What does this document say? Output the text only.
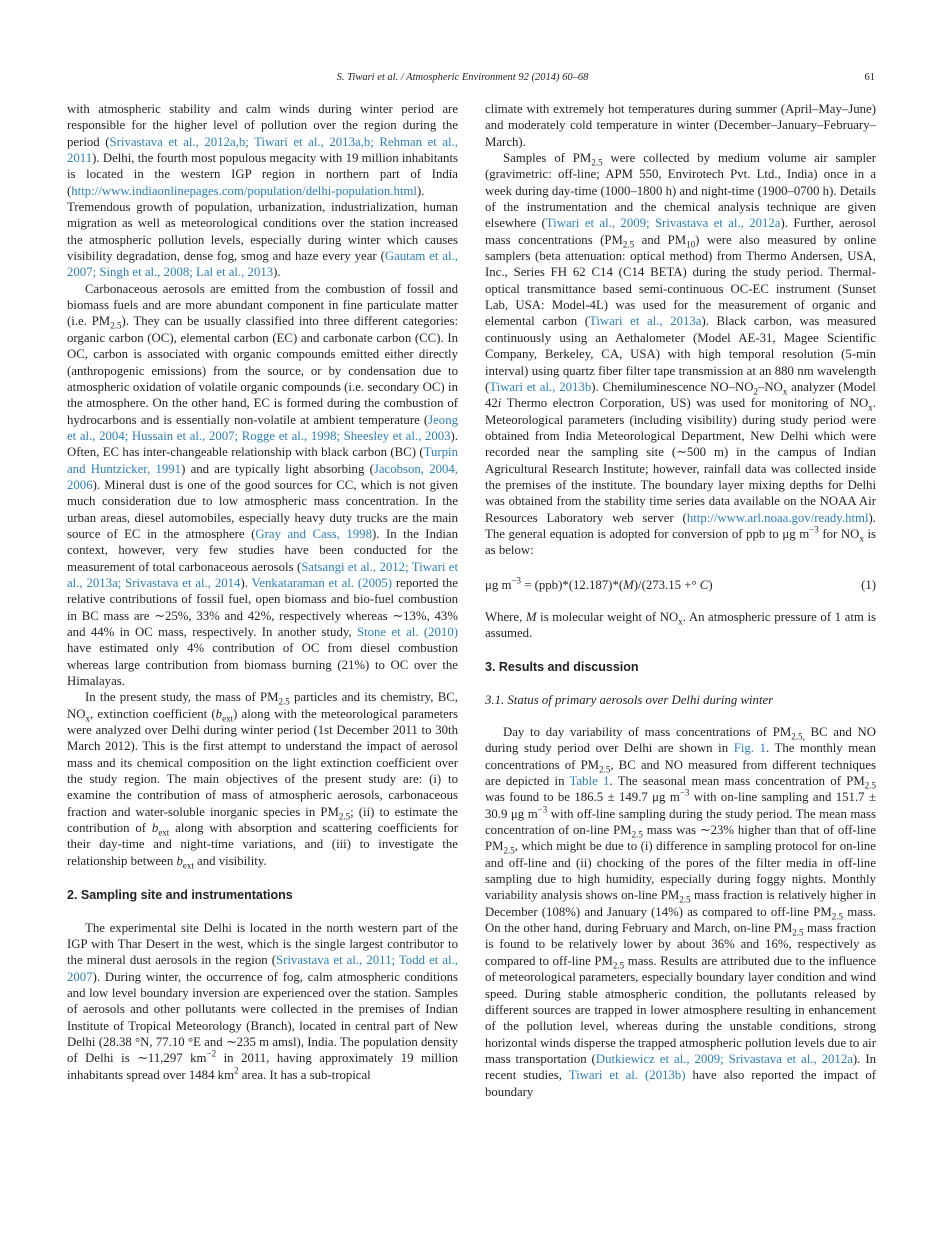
S. Tiwari et al. / Atmospheric Environment 92 (2014) 60–68	61

with atmospheric stability and calm winds during winter period are responsible for the higher level of pollution over the region during the period (Srivastava et al., 2012a,b; Tiwari et al., 2013a,b; Rehman et al., 2011). Delhi, the fourth most populous megacity with 19 million inhabitants is located in the western IGP region in northern part of India (http://www.indiaonlinepages.com/population/delhi-population.html). Tremendous growth of population, urbanization, industrialization, human migration as well as meteorological conditions over the station increased the atmospheric pollution levels, especially during winter which causes visibility degradation, dense fog, smog and haze every year (Gautam et al., 2007; Singh et al., 2008; Lal et al., 2013).

Carbonaceous aerosols are emitted from the combustion of fossil and biomass fuels and are more abundant component in fine particulate matter (i.e. $PM_{2.5}$). They can be usually classified into three different categories: organic carbon (OC), elemental carbon (EC) and carbonate carbon (CC). In OC, carbon is associated with organic compounds emitted either directly (anthropogenic emissions) from the source, or by condensation due to atmospheric oxidation of volatile organic compounds (i.e. secondary OC) in the atmosphere. On the other hand, EC is formed during the combustion of hydrocarbons and is essentially non-volatile at ambient temperature (Jeong et al., 2004; Hussain et al., 2007; Rogge et al., 1998; Sheesley et al., 2003). Often, EC has inter-changeable relationship with black carbon (BC) (Turpin and Huntzicker, 1991) and are typically light absorbing (Jacobson, 2004, 2006). Mineral dust is one of the good sources for CC, which is not given much consideration due to low atmospheric mass concentration. In the urban areas, diesel automobiles, especially heavy duty trucks are the main source of EC in the atmosphere (Gray and Cass, 1998). In the Indian context, however, very few studies have been conducted for the measurement of total carbonaceous aerosols (Satsangi et al., 2012; Tiwari et al., 2013a; Srivastava et al., 2014). Venkataraman et al. (2005) reported the relative contributions of fossil fuel, open biomass and bio-fuel combustion in BC mass are ∼25%, 33% and 42%, respectively whereas ∼13%, 43% and 44% in OC mass, respectively. In another study, Stone et al. (2010) have estimated only 4% contribution of OC from diesel combustion whereas large contribution from biomass burning (21%) to OC over the Himalayas.

In the present study, the mass of $PM_{2.5}$ particles and its chemistry, BC, $NO_x$, extinction coefficient $(b_{ext})$ along with the meteorological parameters were analyzed over Delhi during winter period (1st December 2011 to 30th March 2012). This is the first attempt to understand the impact of aerosol mass and its chemical composition on the light extinction coefficient over the study region. The main objectives of the present study are: (i) to examine the contribution of mass of atmospheric aerosols, carbonaceous fraction and water-soluble inorganic species in $PM_{2.5}$; (ii) to estimate the contribution of $b_{ext}$ along with absorption and scattering coefficients for their day-time and night-time variations, and (iii) to investigate the relationship between $b_{ext}$ and visibility.

2. Sampling site and instrumentations

The experimental site Delhi is located in the north western part of the IGP with Thar Desert in the west, which is the single largest contributor to the mineral dust aerosols in the region (Srivastava et al., 2011; Todd et al., 2007). During winter, the occurrence of fog, calm atmospheric conditions and low level boundary inversion are experienced over the station. Samples of aerosols and other pollutants were collected in the premises of Indian Institute of Tropical Meteorology (Branch), located in central part of New Delhi (28.38 °N, 77.10 °E and ∼235 m amsl), India. The population density of Delhi is ∼11,297 $km^{-2}$ in 2011, having approximately 19 million inhabitants spread over 1484 $km^2$ area. It has a sub-tropical

climate with extremely hot temperatures during summer (April–May–June) and moderately cold temperature in winter (December–January–February–March).

Samples of $PM_{2.5}$ were collected by medium volume air sampler (gravimetric: off-line; APM 550, Envirotech Pvt. Ltd., India) once in a week during day-time (1000–1800 h) and night-time (1900–0700 h). Details of the instrumentation and the chemical analysis technique are given elsewhere (Tiwari et al., 2009; Srivastava et al., 2012a). Further, aerosol mass concentrations ($PM_{2.5}$ and $PM_{10}$) were also measured by online samplers (beta attenuation: optical method) from Thermo Andersen, USA, Inc., Series FH 62 C14 (C14 BETA) during the study period. Thermal-optical transmittance based semi-continuous OC-EC instrument (Sunset Lab, USA: Model-4L) was used for the measurement of organic and elemental carbon (Tiwari et al., 2013a). Black carbon, was measured continuously using an Aethalometer (Model AE-31, Magee Scientific Company, Berkeley, CA, USA) with high temporal resolution (5-min interval) using quartz fiber filter tape transmission at an 880 nm wavelength (Tiwari et al., 2013b). Chemiluminescence $NO-NO_2-NO_x$ analyzer (Model 42i Thermo electron Corporation, US) was used for monitoring of $NO_x$. Meteorological parameters (including visibility) during study period were obtained from India Meteorological Department, New Delhi which were recorded near the sampling site (∼500 m) in the campus of Indian Agricultural Research Institute; however, rainfall data was collected inside the premises of the institute. The boundary layer mixing depths for Delhi was obtained from the stability time series data available on the NOAA Air Resources Laboratory web server (http://www.arl.noaa.gov/ready.html). The general equation is adopted for conversion of ppb to μg $m^{-3}$ for $NO_x$ is as below:

μg $m^{-3} = (ppb)*(12.187)*(M)/(273.15$ +° C)	(1)

Where, M is molecular weight of $NO_x$. An atmospheric pressure of 1 atm is assumed.

3. Results and discussion
3.1. Status of primary aerosols over Delhi during winter

Day to day variability of mass concentrations of $PM_{2.5,}$ BC and NO during study period over Delhi are shown in Fig. 1. The monthly mean concentrations of $PM_{2.5}$, BC and NO measured from different techniques are depicted in Table 1. The seasonal mean mass concentration of $PM_{2.5}$ was found to be 186.5 ± 149.7 μg $m^{-3}$ with on-line sampling and 151.7 ± 30.9 μg $m^{-3}$ with off-line sampling during the study period. The mean mass concentration of on-line $PM_{2.5}$ mass was ∼23% higher than that of off-line $PM_{2.5}$, which might be due to (i) difference in sampling protocol for on-line and off-line and (ii) chocking of the pores of the filter media in off-line sampling due to high humidity, especially during foggy nights. Monthly variability analysis shows on-line $PM_{2.5}$ mass fraction is relatively higher in December (108%) and January (14%) as compared to off-line $PM_{2.5}$ mass. On the other hand, during February and March, on-line $PM_{2.5}$ mass fraction is found to be relatively lower by about 36% and 16%, respectively as compared to off-line $PM_{2.5}$ mass. Results are attributed due to the influence of meteorological parameters, especially boundary layer condition and wind speed. During stable atmospheric condition, the pollutants released by different sources are trapped in lower atmosphere resulting in enhancement of the pollution level, whereas during the unstable conditions, strong horizontal winds disperse the trapped atmospheric pollution levels due to air mass transportation (Dutkiewicz et al., 2009; Srivastava et al., 2012a). In recent studies, Tiwari et al. (2013b) have also reported the impact of boundary
